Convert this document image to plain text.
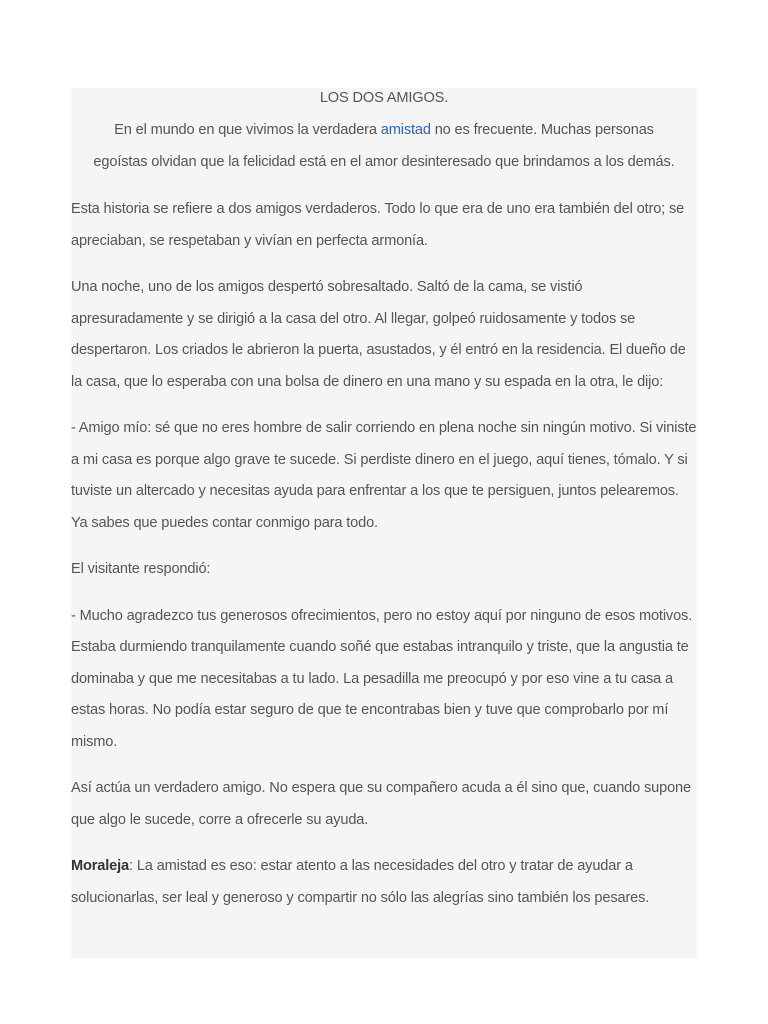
LOS DOS AMIGOS.
En el mundo en que vivimos la verdadera amistad no es frecuente. Muchas personas
egoístas olvidan que la felicidad está en el amor desinteresado que brindamos a los demás.

Esta historia se refiere a dos amigos verdaderos. Todo lo que era de uno era también del otro; se apreciaban, se respetaban y vivían en perfecta armonía.

Una noche, uno de los amigos despertó sobresaltado. Saltó de la cama, se vistió apresuradamente y se dirigió a la casa del otro. Al llegar, golpeó ruidosamente y todos se despertaron. Los criados le abrieron la puerta, asustados, y él entró en la residencia. El dueño de la casa, que lo esperaba con una bolsa de dinero en una mano y su espada en la otra, le dijo:

- Amigo mío: sé que no eres hombre de salir corriendo en plena noche sin ningún motivo. Si viniste a mi casa es porque algo grave te sucede. Si perdiste dinero en el juego, aquí tienes, tómalo. Y si tuviste un altercado y necesitas ayuda para enfrentar a los que te persiguen, juntos pelearemos. Ya sabes que puedes contar conmigo para todo.

El visitante respondió:

- Mucho agradezco tus generosos ofrecimientos, pero no estoy aquí por ninguno de esos motivos. Estaba durmiendo tranquilamente cuando soñé que estabas intranquilo y triste, que la angustia te dominaba y que me necesitabas a tu lado. La pesadilla me preocupó y por eso vine a tu casa a estas horas. No podía estar seguro de que te encontrabas bien y tuve que comprobarlo por mí mismo.

Así actúa un verdadero amigo. No espera que su compañero acuda a él sino que, cuando supone que algo le sucede, corre a ofrecerle su ayuda.

Moraleja: La amistad es eso: estar atento a las necesidades del otro y tratar de ayudar a solucionarlas, ser leal y generoso y compartir no sólo las alegrías sino también los pesares.
